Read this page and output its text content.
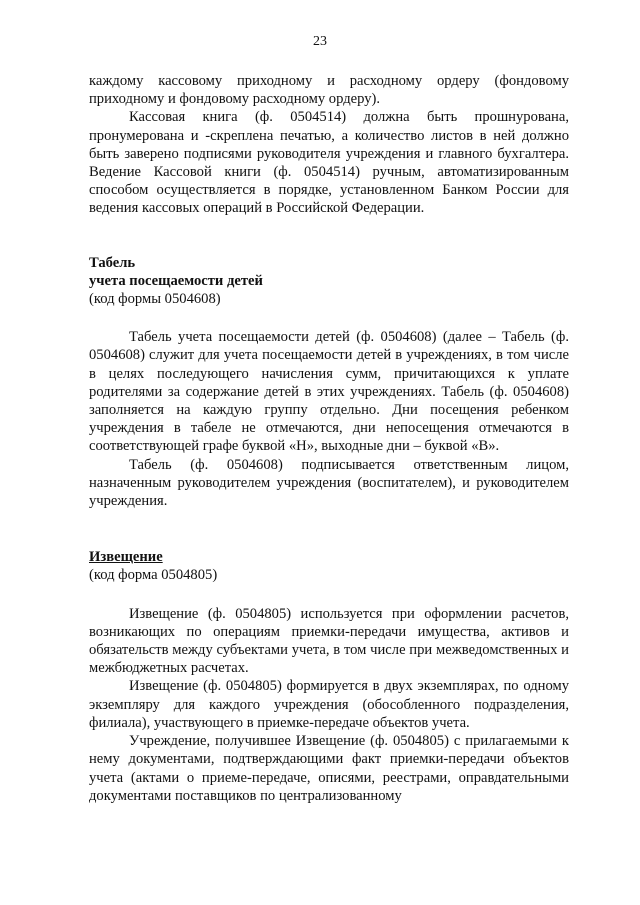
23

каждому кассовому приходному и расходному ордеру (фондовому приходному и фондовому расходному ордеру).

Кассовая книга (ф. 0504514) должна быть прошнурована, пронумерована и -скреплена печатью, а количество листов в ней должно быть заверено подписями руководителя учреждения и главного бухгалтера. Ведение Кассовой книги (ф. 0504514) ручным, автоматизированным способом осуществляется в порядке, установленном Банком России для ведения кассовых операций в Российской Федерации.

Табель

учета посещаемости детей

(код формы 0504608)

Табель учета посещаемости детей (ф. 0504608) (далее – Табель (ф. 0504608) служит для учета посещаемости детей в учреждениях, в том числе в целях последующего начисления сумм, причитающихся к уплате родителями за содержание детей в этих учреждениях. Табель (ф. 0504608) заполняется на каждую группу отдельно. Дни посещения ребенком учреждения в табеле не отмечаются, дни непосещения отмечаются в соответствующей графе буквой «Н», выходные дни – буквой «В».

Табель (ф. 0504608) подписывается ответственным лицом, назначенным руководителем учреждения (воспитателем), и руководителем учреждения.

Извещение

(код форма 0504805)

Извещение (ф. 0504805) используется при оформлении расчетов, возникающих по операциям приемки-передачи имущества, активов и обязательств между субъектами учета, в том числе при межведомственных и межбюджетных расчетах.

Извещение (ф. 0504805) формируется в двух экземплярах, по одному экземпляру для каждого учреждения (обособленного подразделения, филиала), участвующего в приемке-передаче объектов учета.

Учреждение, получившее Извещение (ф. 0504805) с прилагаемыми к нему документами, подтверждающими факт приемки-передачи объектов учета (актами о приеме-передаче, описями, реестрами, оправдательными документами поставщиков по централизованному
